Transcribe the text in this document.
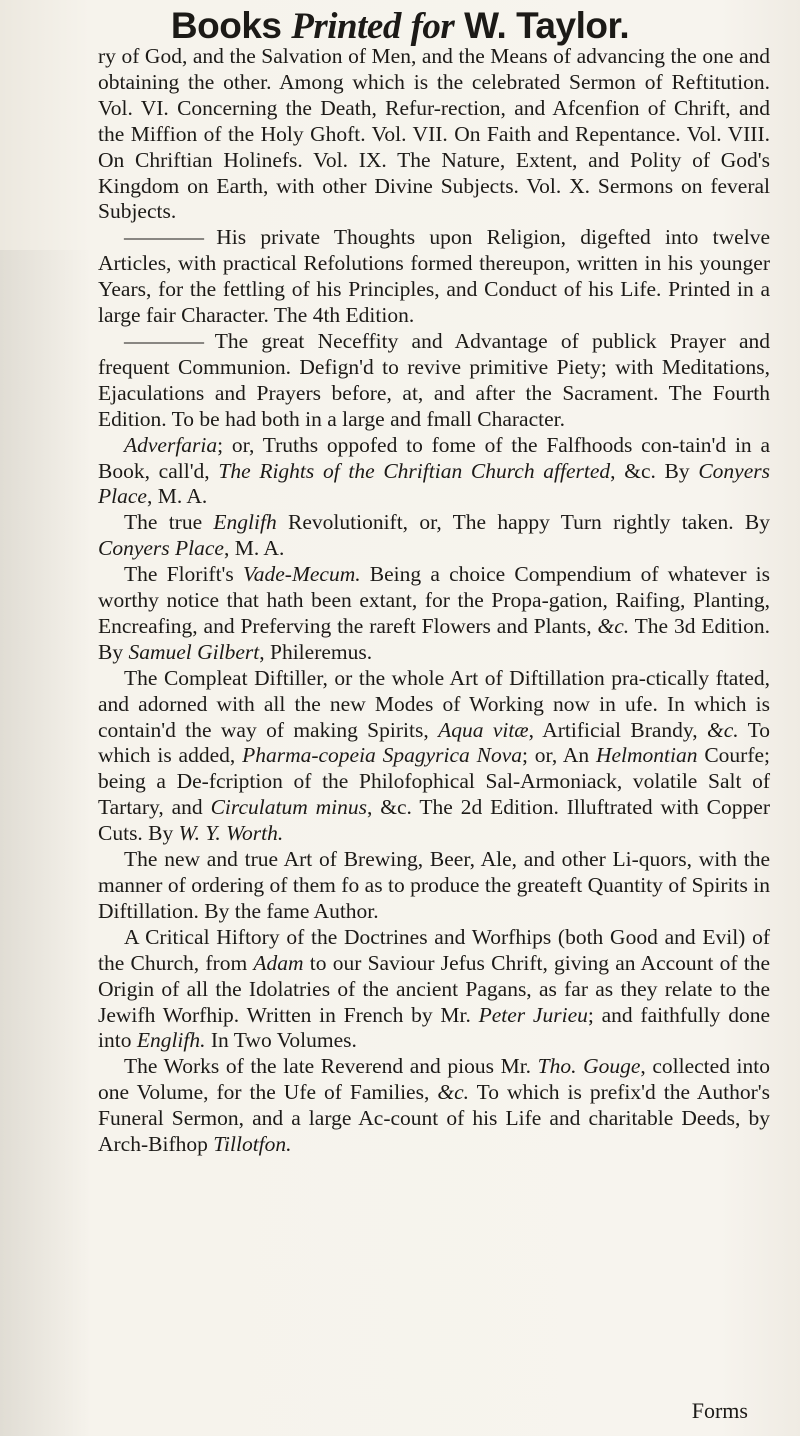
Books Printed for W. Taylor.

ry of God, and the Salvation of Men, and the Means of advancing the one and obtaining the other. Among which is the celebrated Sermon of Reftitution. Vol. VI. Concerning the Death, Refur-rection, and Afcenfion of Chrift, and the Miffion of the Holy Ghoft. Vol. VII. On Faith and Repentance. Vol. VIII. On Chriftian Holinefs. Vol. IX. The Nature, Extent, and Polity of God's Kingdom on Earth, with other Divine Subjects. Vol. X. Sermons on feveral Subjects.

———— His private Thoughts upon Religion, digefted into twelve Articles, with practical Refolutions formed thereupon, written in his younger Years, for the fettling of his Principles, and Conduct of his Life. Printed in a large fair Character. The 4th Edition.

———— The great Neceffity and Advantage of publick Prayer and frequent Communion. Defign'd to revive primitive Piety; with Meditations, Ejaculations and Prayers before, at, and after the Sacrament. The Fourth Edition. To be had both in a large and fmall Character.

Adverfaria; or, Truths oppofed to fome of the Falfhoods con-tain'd in a Book, call'd, The Rights of the Chriftian Church afferted, &c. By Conyers Place, M. A.

The true Englifh Revolutionift, or, The happy Turn rightly taken. By Conyers Place, M. A.

The Florift's Vade-Mecum. Being a choice Compendium of whatever is worthy notice that hath been extant, for the Propa-gation, Raifing, Planting, Encreafing, and Preferving the rareft Flowers and Plants, &c. The 3d Edition. By Samuel Gilbert, Philеremus.

The Compleat Diftiller, or the whole Art of Diftillation pra-ctically ftated, and adorned with all the new Modes of Working now in ufe. In which is contain'd the way of making Spirits, Aqua vitæ, Artificial Brandy, &c. To which is added, Pharma-copeia Spagyrica Nova; or, An Helmontian Courfe; being a De-fcription of the Philofophical Sal-Armoniack, volatile Salt of Tartary, and Circulatum minus, &c. The 2d Edition. Illuftrated with Copper Cuts. By W. Y. Worth.

The new and true Art of Brewing, Beer, Ale, and other Li-quors, with the manner of ordering of them fo as to produce the greateft Quantity of Spirits in Diftillation. By the fame Author.

A Critical Hiftory of the Doctrines and Worfhips (both Good and Evil) of the Church, from Adam to our Saviour Jefus Chrift, giving an Account of the Origin of all the Idolatries of the ancient Pagans, as far as they relate to the Jewifh Worfhip. Written in French by Mr. Peter Jurieu; and faithfully done into Englifh. In Two Volumes.

The Works of the late Reverend and pious Mr. Tho. Gouge, collected into one Volume, for the Ufe of Families, &c. To which is prefix'd the Author's Funeral Sermon, and a large Ac-count of his Life and charitable Deeds, by Arch-Bifhop Tillotfon.

Forms
